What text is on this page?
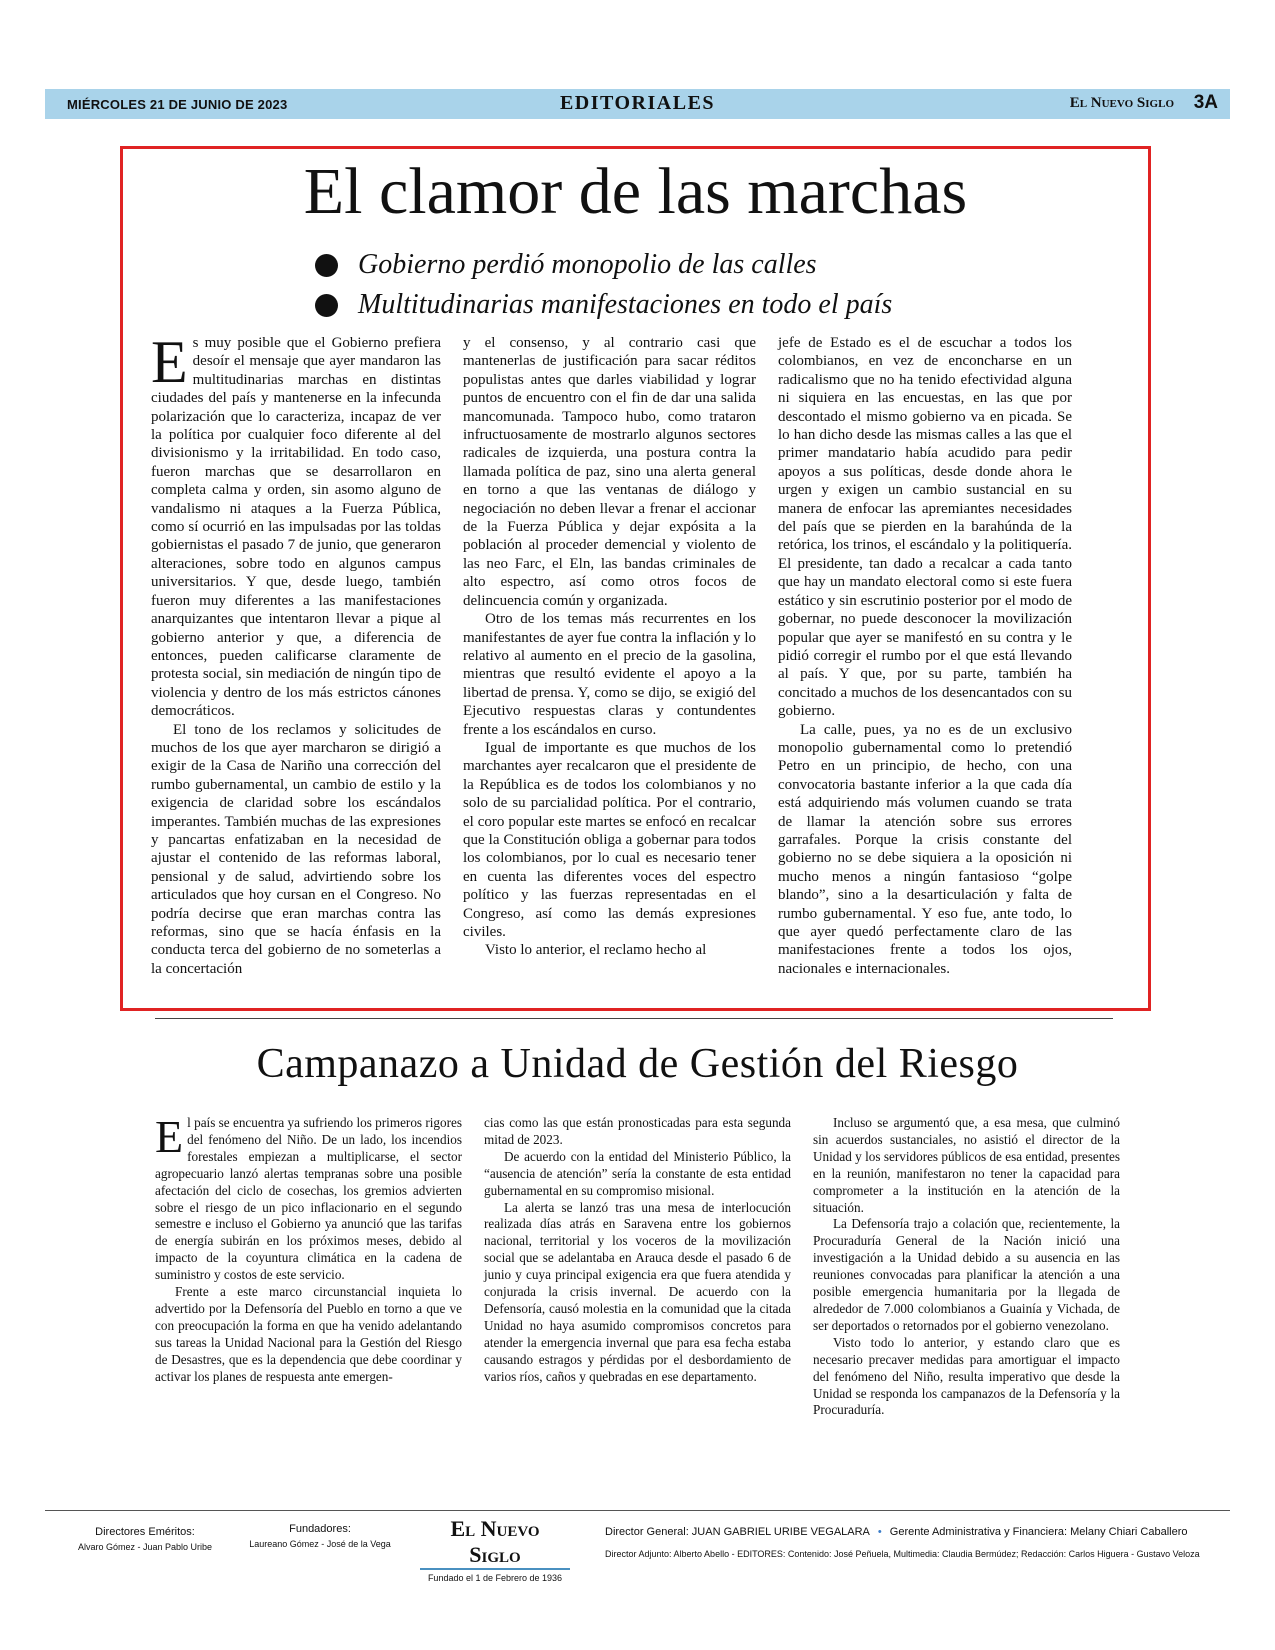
MIÉRCOLES 21 DE JUNIO DE 2023	EDITORIALES	El Nuevo Siglo 3A
El clamor de las marchas
Gobierno perdió monopolio de las calles
Multitudinarias manifestaciones en todo el país

Es muy posible que el Gobierno prefiera desoír el mensaje que ayer mandaron las multitudinarias marchas en distintas ciudades del país y mantenerse en la infecunda polarización que lo caracteriza, incapaz de ver la política por cualquier foco diferente al del divisionismo y la irritabilidad. En todo caso, fueron marchas que se desarrollaron en completa calma y orden, sin asomo alguno de vandalismo ni ataques a la Fuerza Pública, como sí ocurrió en las impulsadas por las toldas gobiernistas el pasado 7 de junio, que generaron alteraciones, sobre todo en algunos campus universitarios. Y que, desde luego, también fueron muy diferentes a las manifestaciones anarquizantes que intentaron llevar a pique al gobierno anterior y que, a diferencia de entonces, pueden calificarse claramente de protesta social, sin mediación de ningún tipo de violencia y dentro de los más estrictos cánones democráticos.

El tono de los reclamos y solicitudes de muchos de los que ayer marcharon se dirigió a exigir de la Casa de Nariño una corrección del rumbo gubernamental, un cambio de estilo y la exigencia de claridad sobre los escándalos imperantes. También muchas de las expresiones y pancartas enfatizaban en la necesidad de ajustar el contenido de las reformas laboral, pensional y de salud, advirtiendo sobre los articulados que hoy cursan en el Congreso. No podría decirse que eran marchas contra las reformas, sino que se hacía énfasis en la conducta terca del gobierno de no someterlas a la concertación

y el consenso, y al contrario casi que mantenerlas de justificación para sacar réditos populistas antes que darles viabilidad y lograr puntos de encuentro con el fin de dar una salida mancomunada. Tampoco hubo, como trataron infructuosamente de mostrarlo algunos sectores radicales de izquierda, una postura contra la llamada política de paz, sino una alerta general en torno a que las ventanas de diálogo y negociación no deben llevar a frenar el accionar de la Fuerza Pública y dejar expósita a la población al proceder demencial y violento de las neo Farc, el Eln, las bandas criminales de alto espectro, así como otros focos de delincuencia común y organizada.

Otro de los temas más recurrentes en los manifestantes de ayer fue contra la inflación y lo relativo al aumento en el precio de la gasolina, mientras que resultó evidente el apoyo a la libertad de prensa. Y, como se dijo, se exigió del Ejecutivo respuestas claras y contundentes frente a los escándalos en curso.

Igual de importante es que muchos de los marchantes ayer recalcaron que el presidente de la República es de todos los colombianos y no solo de su parcialidad política. Por el contrario, el coro popular este martes se enfocó en recalcar que la Constitución obliga a gobernar para todos los colombianos, por lo cual es necesario tener en cuenta las diferentes voces del espectro político y las fuerzas representadas en el Congreso, así como las demás expresiones civiles.

Visto lo anterior, el reclamo hecho al

jefe de Estado es el de escuchar a todos los colombianos, en vez de enconcharse en un radicalismo que no ha tenido efectividad alguna ni siquiera en las encuestas, en las que por descontado el mismo gobierno va en picada. Se lo han dicho desde las mismas calles a las que el primer mandatario había acudido para pedir apoyos a sus políticas, desde donde ahora le urgen y exigen un cambio sustancial en su manera de enfocar las apremiantes necesidades del país que se pierden en la barahúnda de la retórica, los trinos, el escándalo y la politiquería. El presidente, tan dado a recalcar a cada tanto que hay un mandato electoral como si este fuera estático y sin escrutinio posterior por el modo de gobernar, no puede desconocer la movilización popular que ayer se manifestó en su contra y le pidió corregir el rumbo por el que está llevando al país. Y que, por su parte, también ha concitado a muchos de los desencantados con su gobierno.

La calle, pues, ya no es de un exclusivo monopolio gubernamental como lo pretendió Petro en un principio, de hecho, con una convocatoria bastante inferior a la que cada día está adquiriendo más volumen cuando se trata de llamar la atención sobre sus errores garrafales. Porque la crisis constante del gobierno no se debe siquiera a la oposición ni mucho menos a ningún fantasioso “golpe blando”, sino a la desarticulación y falta de rumbo gubernamental. Y eso fue, ante todo, lo que ayer quedó perfectamente claro de las manifestaciones frente a todos los ojos, nacionales e internacionales.

Campanazo a Unidad de Gestión del Riesgo

El país se encuentra ya sufriendo los primeros rigores del fenómeno del Niño. De un lado, los incendios forestales empiezan a multiplicarse, el sector agropecuario lanzó alertas tempranas sobre una posible afectación del ciclo de cosechas, los gremios advierten sobre el riesgo de un pico inflacionario en el segundo semestre e incluso el Gobierno ya anunció que las tarifas de energía subirán en los próximos meses, debido al impacto de la coyuntura climática en la cadena de suministro y costos de este servicio.

Frente a este marco circunstancial inquieta lo advertido por la Defensoría del Pueblo en torno a que ve con preocupación la forma en que ha venido adelantando sus tareas la Unidad Nacional para la Gestión del Riesgo de Desastres, que es la dependencia que debe coordinar y activar los planes de respuesta ante emergen-

cias como las que están pronosticadas para esta segunda mitad de 2023.

De acuerdo con la entidad del Ministerio Público, la “ausencia de atención” sería la constante de esta entidad gubernamental en su compromiso misional.

La alerta se lanzó tras una mesa de interlocución realizada días atrás en Saravena entre los gobiernos nacional, territorial y los voceros de la movilización social que se adelantaba en Arauca desde el pasado 6 de junio y cuya principal exigencia era que fuera atendida y conjurada la crisis invernal. De acuerdo con la Defensoría, causó molestia en la comunidad que la citada Unidad no haya asumido compromisos concretos para atender la emergencia invernal que para esa fecha estaba causando estragos y pérdidas por el desbordamiento de varios ríos, caños y quebradas en ese departamento.

Incluso se argumentó que, a esa mesa, que culminó sin acuerdos sustanciales, no asistió el director de la Unidad y los servidores públicos de esa entidad, presentes en la reunión, manifestaron no tener la capacidad para comprometer a la institución en la atención de la situación.

La Defensoría trajo a colación que, recientemente, la Procuraduría General de la Nación inició una investigación a la Unidad debido a su ausencia en las reuniones convocadas para planificar la atención a una posible emergencia humanitaria por la llegada de alrededor de 7.000 colombianos a Guainía y Vichada, de ser deportados o retornados por el gobierno venezolano.

Visto todo lo anterior, y estando claro que es necesario precaver medidas para amortiguar el impacto del fenómeno del Niño, resulta imperativo que desde la Unidad se responda los campanazos de la Defensoría y la Procuraduría.

Directores Eméritos:
Alvaro Gómez - Juan Pablo Uribe
Fundadores:
Laureano Gómez - José de la Vega
El Nuevo Siglo
Fundado el 1 de Febrero de 1936
Director General: JUAN GABRIEL URIBE VEGALARA • Gerente Administrativa y Financiera: Melany Chiari Caballero
Director Adjunto: Alberto Abello - EDITORES: Contenido: José Peñuela, Multimedia: Claudia Bermúdez; Redacción: Carlos Higuera - Gustavo Veloza
